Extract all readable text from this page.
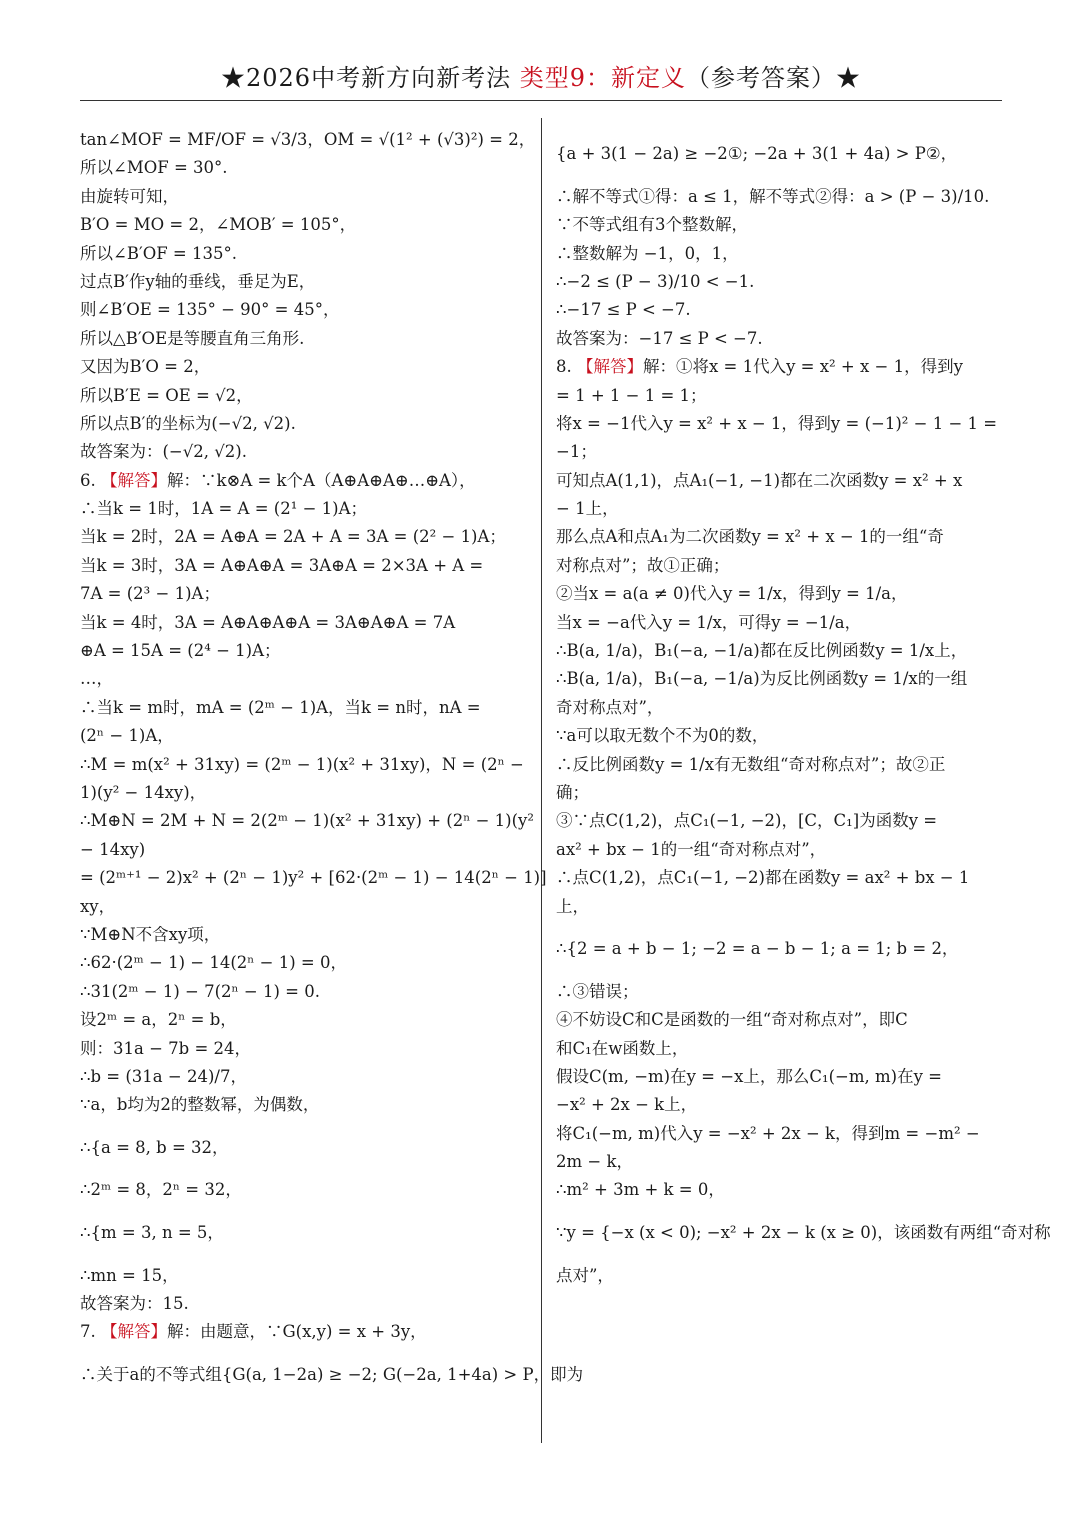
★2026中考新方向新考法 类型9：新定义（参考答案）★
tan∠MOF = MF/OF = √3/3，OM = √(1² + (√3)²) = 2，
所以∠MOF = 30°.
由旋转可知，
B′O = MO = 2，∠MOB′ = 105°，
所以∠B′OF = 135°.
过点B′作y轴的垂线，垂足为E，
则∠B′OE = 135° − 90° = 45°，
所以△B′OE是等腰直角三角形.
又因为B′O = 2，
所以B′E = OE = √2，
所以点B′的坐标为(−√2, √2).
故答案为：(−√2, √2).
6. 【解答】解：∵k⊗A = k个A（A⊕A⊕A⊕…⊕A），
∴当k = 1时，1A = A = (2¹ − 1)A；
当k = 2时，2A = A⊕A = 2A + A = 3A = (2² − 1)A；
当k = 3时，3A = A⊕A⊕A = 3A⊕A = 2×3A + A =
7A = (2³ − 1)A；
当k = 4时，3A = A⊕A⊕A⊕A = 3A⊕A⊕A = 7A
⊕A = 15A = (2⁴ − 1)A；
…，
∴当k = m时，mA = (2ᵐ − 1)A，当k = n时，nA =
(2ⁿ − 1)A，
∴M = m(x² + 31xy) = (2ᵐ − 1)(x² + 31xy)，N = (2ⁿ −
1)(y² − 14xy)，
∴M⊕N = 2M + N = 2(2ᵐ − 1)(x² + 31xy) + (2ⁿ − 1)(y²
− 14xy)
= (2ᵐ⁺¹ − 2)x² + (2ⁿ − 1)y² + [62·(2ᵐ − 1) − 14(2ⁿ − 1)]
xy，
∵M⊕N不含xy项，
∴62·(2ᵐ − 1) − 14(2ⁿ − 1) = 0，
∴31(2ᵐ − 1) − 7(2ⁿ − 1) = 0.
设2ᵐ = a，2ⁿ = b，
则：31a − 7b = 24，
∴b = (31a − 24)/7，
∵a，b均为2的整数幂，为偶数，
∴{a = 8, b = 32，
∴2ᵐ = 8，2ⁿ = 32，
∴{m = 3, n = 5，
∴mn = 15，
故答案为：15.
7. 【解答】解：由题意，∵G(x,y) = x + 3y，
∴关于a的不等式组{G(a, 1−2a) ≥ −2; G(−2a, 1+4a) > P，即为
{a + 3(1 − 2a) ≥ −2①; −2a + 3(1 + 4a) > P②，
∴解不等式①得：a ≤ 1，解不等式②得：a > (P − 3)/10.
∵不等式组有3个整数解，
∴整数解为 −1，0，1，
∴−2 ≤ (P − 3)/10 < −1.
∴−17 ≤ P < −7.
故答案为：−17 ≤ P < −7.
8. 【解答】解：①将x = 1代入y = x² + x − 1，得到y
= 1 + 1 − 1 = 1；
将x = −1代入y = x² + x − 1，得到y = (−1)² − 1 − 1 =
−1；
可知点A(1,1)，点A₁(−1, −1)都在二次函数y = x² + x
− 1上，
那么点A和点A₁为二次函数y = x² + x − 1的一组“奇
对称点对”；故①正确；
②当x = a(a ≠ 0)代入y = 1/x，得到y = 1/a，
当x = −a代入y = 1/x，可得y = −1/a，
∴B(a, 1/a)，B₁(−a, −1/a)都在反比例函数y = 1/x上，
∴B(a, 1/a)，B₁(−a, −1/a)为反比例函数y = 1/x的一组
奇对称点对”，
∵a可以取无数个不为0的数，
∴反比例函数y = 1/x有无数组“奇对称点对”；故②正
确；
③∵点C(1,2)，点C₁(−1, −2)，[C，C₁]为函数y =
ax² + bx − 1的一组“奇对称点对”，
∴点C(1,2)，点C₁(−1, −2)都在函数y = ax² + bx − 1
上，
∴{2 = a + b − 1; −2 = a − b − 1; a = 1; b = 2，
∴③错误；
④不妨设C和C是函数的一组“奇对称点对”，即C
和C₁在w函数上，
假设C(m, −m)在y = −x上，那么C₁(−m, m)在y =
−x² + 2x − k上，
将C₁(−m, m)代入y = −x² + 2x − k，得到m = −m² −
2m − k，
∴m² + 3m + k = 0，
∵y = {−x (x < 0); −x² + 2x − k (x ≥ 0)，该函数有两组“奇对称
点对”，
